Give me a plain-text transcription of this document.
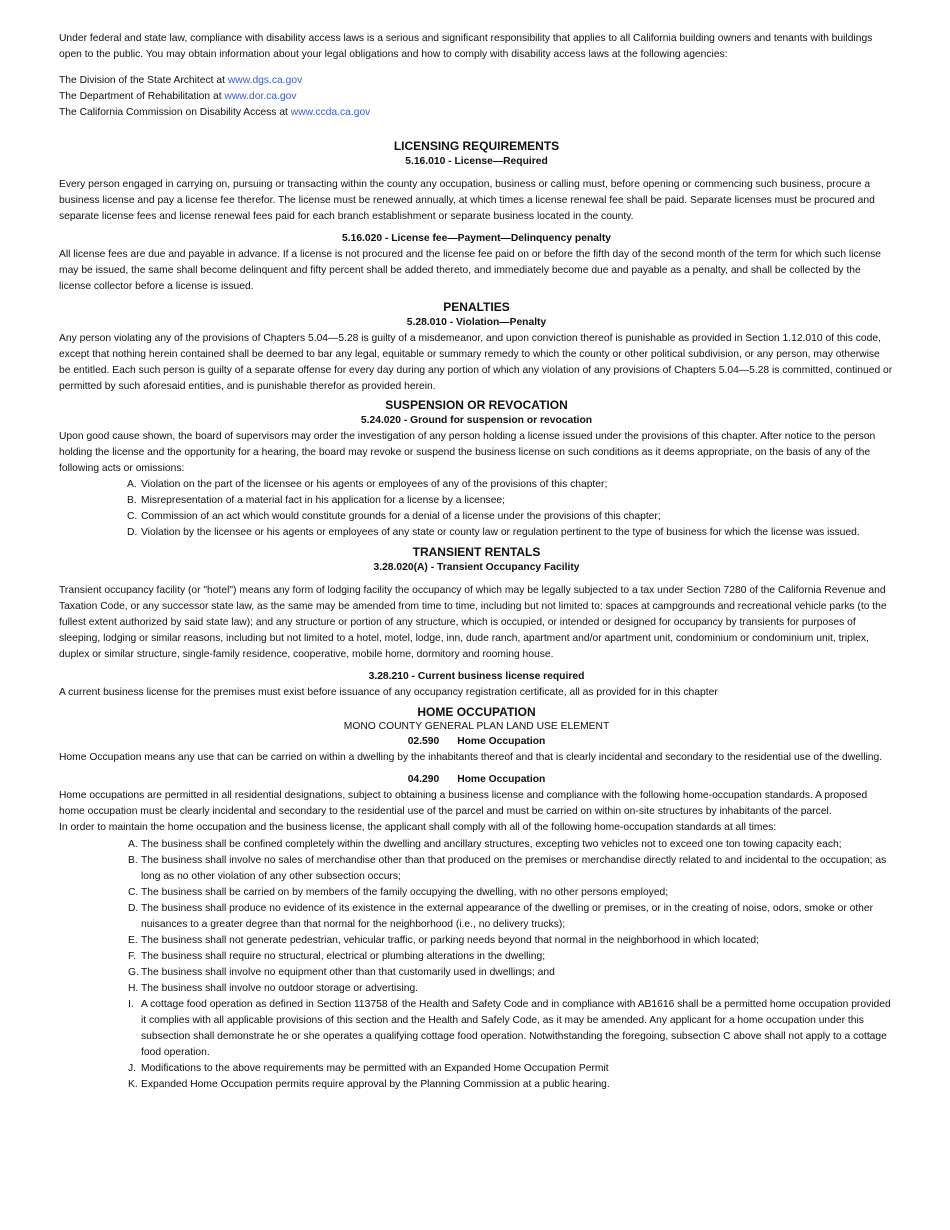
Under federal and state law, compliance with disability access laws is a serious and significant responsibility that applies to all California building owners and tenants with buildings open to the public. You may obtain information about your legal obligations and how to comply with disability access laws at the following agencies:

The Division of the State Architect at www.dgs.ca.gov
The Department of Rehabilitation at www.dor.ca.gov
The California Commission on Disability Access at www.ccda.ca.gov
LICENSING REQUIREMENTS
5.16.010 - License—Required

Every person engaged in carrying on, pursuing or transacting within the county any occupation, business or calling must, before opening or commencing such business, procure a business license and pay a license fee therefor. The license must be renewed annually, at which times a license renewal fee shall be paid. Separate licenses must be procured and separate license fees and license renewal fees paid for each branch establishment or separate business located in the county.

5.16.020 - License fee—Payment—Delinquency penalty

All license fees are due and payable in advance. If a license is not procured and the license fee paid on or before the fifth day of the second month of the term for which such license may be issued, the same shall become delinquent and fifty percent shall be added thereto, and immediately become due and payable as a penalty, and shall be collected by the license collector before a license is issued.

PENALTIES
5.28.010 - Violation—Penalty

Any person violating any of the provisions of Chapters 5.04—5.28 is guilty of a misdemeanor, and upon conviction thereof is punishable as provided in Section 1.12.010 of this code, except that nothing herein contained shall be deemed to bar any legal, equitable or summary remedy to which the county or other political subdivision, or any person, may otherwise be entitled. Each such person is guilty of a separate offense for every day during any portion of which any violation of any provisions of Chapters 5.04—5.28 is committed, continued or permitted by such aforesaid entities, and is punishable therefor as provided herein.

SUSPENSION OR REVOCATION
5.24.020 - Ground for suspension or revocation

Upon good cause shown, the board of supervisors may order the investigation of any person holding a license issued under the provisions of this chapter. After notice to the person holding the license and the opportunity for a hearing, the board may revoke or suspend the business license on such conditions as it deems appropriate, on the basis of any of the following acts or omissions:

A. Violation on the part of the licensee or his agents or employees of any of the provisions of this chapter;
B. Misrepresentation of a material fact in his application for a license by a licensee;
C. Commission of an act which would constitute grounds for a denial of a license under the provisions of this chapter;
D. Violation by the licensee or his agents or employees of any state or county law or regulation pertinent to the type of business for which the license was issued.
TRANSIENT RENTALS
3.28.020(A) - Transient Occupancy Facility

Transient occupancy facility (or "hotel") means any form of lodging facility the occupancy of which may be legally subjected to a tax under Section 7280 of the California Revenue and Taxation Code, or any successor state law, as the same may be amended from time to time, including but not limited to: spaces at campgrounds and recreational vehicle parks (to the fullest extent authorized by said state law); and any structure or portion of any structure, which is occupied, or intended or designed for occupancy by transients for purposes of sleeping, lodging or similar reasons, including but not limited to a hotel, motel, lodge, inn, dude ranch, apartment and/or apartment unit, condominium or condominium unit, triplex, duplex or similar structure, single-family residence, cooperative, mobile home, dormitory and rooming house.

3.28.210 - Current business license required

A current business license for the premises must exist before issuance of any occupancy registration certificate, all as provided for in this chapter

HOME OCCUPATION
MONO COUNTY GENERAL PLAN LAND USE ELEMENT
02.590 Home Occupation

Home Occupation means any use that can be carried on within a dwelling by the inhabitants thereof and that is clearly incidental and secondary to the residential use of the dwelling.

04.290 Home Occupation

Home occupations are permitted in all residential designations, subject to obtaining a business license and compliance with the following home-occupation standards. A proposed home occupation must be clearly incidental and secondary to the residential use of the parcel and must be carried on within on-site structures by inhabitants of the parcel.

In order to maintain the home occupation and the business license, the applicant shall comply with all of the following home-occupation standards at all times:

A. The business shall be confined completely within the dwelling and ancillary structures, excepting two vehicles not to exceed one ton towing capacity each;
B. The business shall involve no sales of merchandise other than that produced on the premises or merchandise directly related to and incidental to the occupation; as long as no other violation of any other subsection occurs;
C. The business shall be carried on by members of the family occupying the dwelling, with no other persons employed;
D. The business shall produce no evidence of its existence in the external appearance of the dwelling or premises, or in the creating of noise, odors, smoke or other nuisances to a greater degree than that normal for the neighborhood (i.e., no delivery trucks);
E. The business shall not generate pedestrian, vehicular traffic, or parking needs beyond that normal in the neighborhood in which located;
F. The business shall require no structural, electrical or plumbing alterations in the dwelling;
G. The business shall involve no equipment other than that customarily used in dwellings; and
H. The business shall involve no outdoor storage or advertising.
I. A cottage food operation as defined in Section 113758 of the Health and Safety Code and in compliance with AB1616 shall be a permitted home occupation provided it complies with all applicable provisions of this section and the Health and Safely Code, as it may be amended. Any applicant for a home occupation under this subsection shall demonstrate he or she operates a qualifying cottage food operation. Notwithstanding the foregoing, subsection C above shall not apply to a cottage food operation.
J. Modifications to the above requirements may be permitted with an Expanded Home Occupation Permit
K. Expanded Home Occupation permits require approval by the Planning Commission at a public hearing.
